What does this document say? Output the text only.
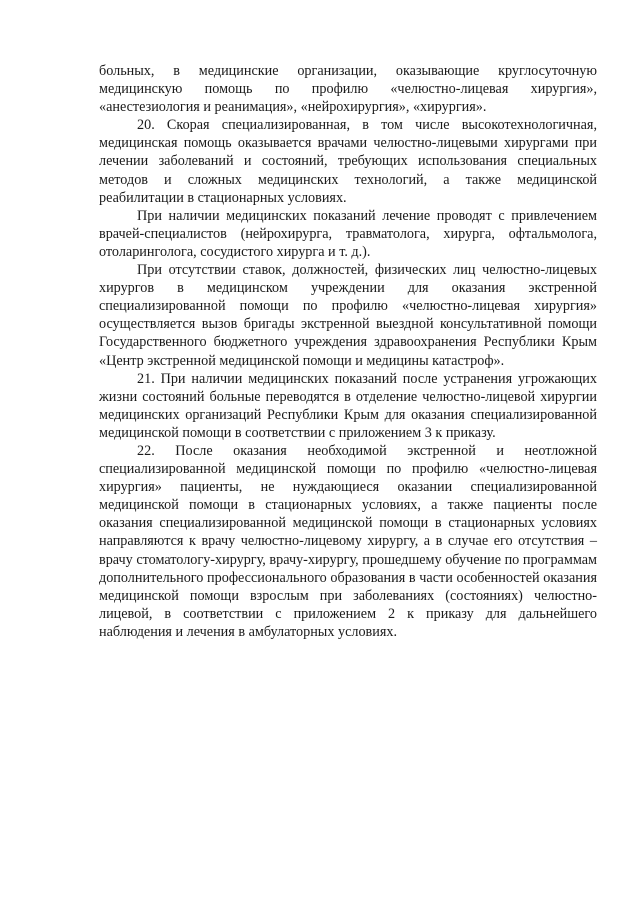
больных, в медицинские организации, оказывающие круглосуточную медицинскую помощь по профилю «челюстно-лицевая хирургия», «анестезиология и реанимация», «нейрохирургия», «хирургия».

20. Скорая специализированная, в том числе высокотехнологичная, медицинская помощь оказывается врачами челюстно-лицевыми хирургами при лечении заболеваний и состояний, требующих использования специальных методов и сложных медицинских технологий, а также медицинской реабилитации в стационарных условиях.

При наличии медицинских показаний лечение проводят с привлечением врачей-специалистов (нейрохирурга, травматолога, хирурга, офтальмолога, отоларинголога, сосудистого хирурга и т. д.).

При отсутствии ставок, должностей, физических лиц челюстно-лицевых хирургов в медицинском учреждении для оказания экстренной специализированной помощи по профилю «челюстно-лицевая хирургия» осуществляется вызов бригады экстренной выездной консультативной помощи Государственного бюджетного учреждения здравоохранения Республики Крым «Центр экстренной медицинской помощи и медицины катастроф».

21. При наличии медицинских показаний после устранения угрожающих жизни состояний больные переводятся в отделение челюстно-лицевой хирургии медицинских организаций Республики Крым для оказания специализированной медицинской помощи в соответствии с приложением 3 к приказу.

22. После оказания необходимой экстренной и неотложной специализированной медицинской помощи по профилю «челюстно-лицевая хирургия» пациенты, не нуждающиеся оказании специализированной медицинской помощи в стационарных условиях, а также пациенты после оказания специализированной медицинской помощи в стационарных условиях направляются к врачу челюстно-лицевому хирургу, а в случае его отсутствия – врачу стоматологу-хирургу, врачу-хирургу, прошедшему обучение по программам дополнительного профессионального образования в части особенностей оказания медицинской помощи взрослым при заболеваниях (состояниях) челюстно-лицевой, в соответствии с приложением 2 к приказу для дальнейшего наблюдения и лечения в амбулаторных условиях.
